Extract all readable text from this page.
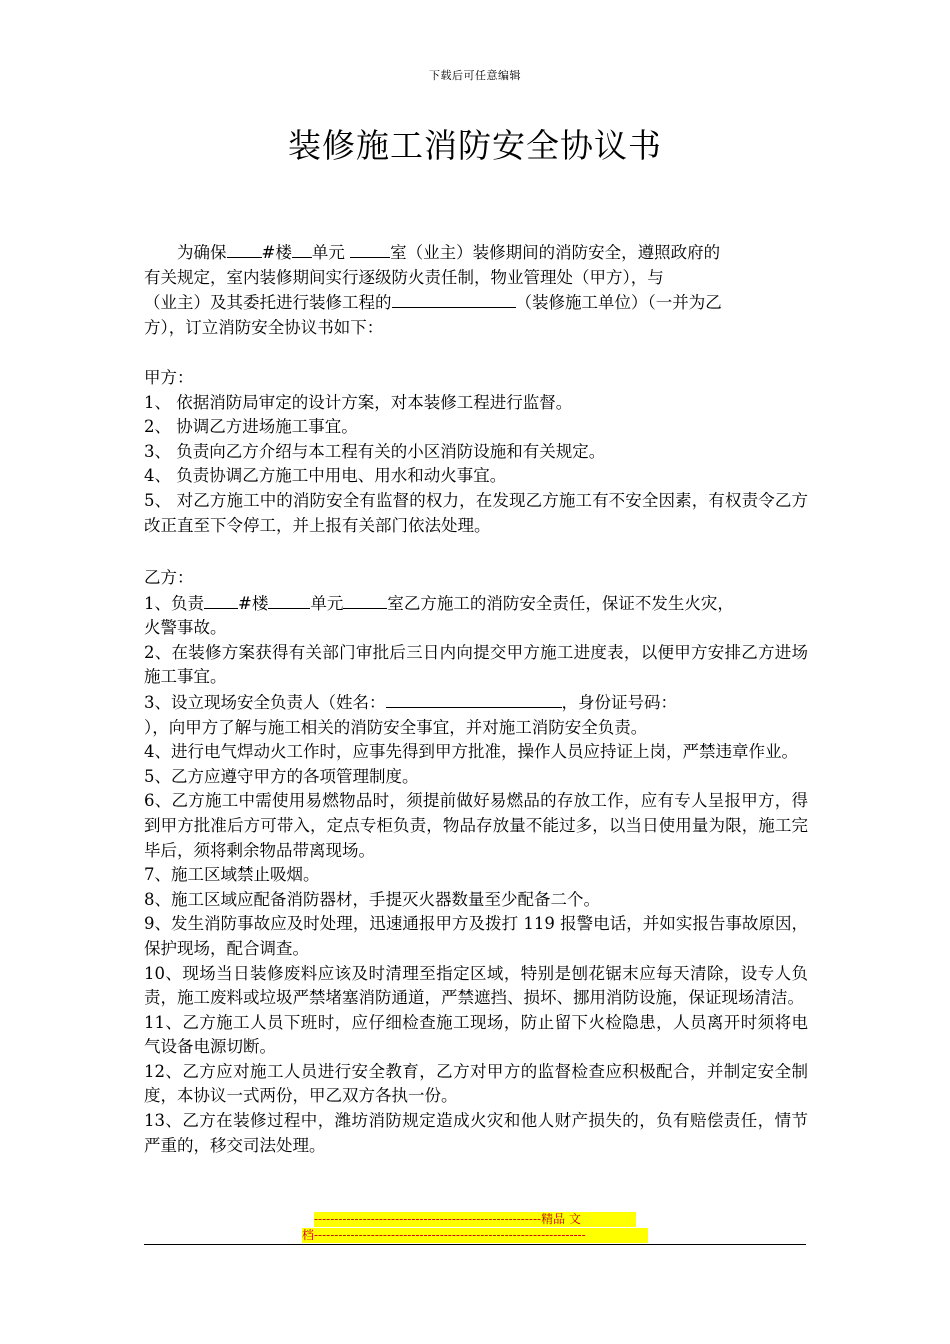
下载后可任意编辑
装修施工消防安全协议书

为确保 #楼 单元	室（业主）装修期间的消防安全，遵照政府的

有关规定，室内装修期间实行逐级防火责任制，物业管理处（甲方），与

（业主）及其委托进行装修工程的	（装修施工单位）（一并为乙

方），订立消防安全协议书如下：

甲方：

1、 依据消防局审定的设计方案，对本装修工程进行监督。

2、 协调乙方进场施工事宜。

3、 负责向乙方介绍与本工程有关的小区消防设施和有关规定。

4、 负责协调乙方施工中用电、用水和动火事宜。

5、 对乙方施工中的消防安全有监督的权力，在发现乙方施工有不安全因素，有权责令乙方改正直至下令停工，并上报有关部门依法处理。

乙方：

1、负责 #楼	单元	室乙方施工的消防安全责任，保证不发生火灾，
火警事故。

2、在装修方案获得有关部门审批后三日内向提交甲方施工进度表，以便甲方安排乙方进场施工事宜。

3、设立现场安全负责人（姓名：	，身份证号码：
），向甲方了解与施工相关的消防安全事宜，并对施工消防安全负责。

4、进行电气焊动火工作时，应事先得到甲方批准，操作人员应持证上岗，严禁违章作业。

5、乙方应遵守甲方的各项管理制度。

6、乙方施工中需使用易燃物品时，须提前做好易燃品的存放工作，应有专人呈报甲方，得到甲方批准后方可带入，定点专柜负责，物品存放量不能过多，以当日使用量为限，施工完毕后，须将剩余物品带离现场。

7、施工区域禁止吸烟。

8、施工区域应配备消防器材，手提灭火器数量至少配备二个。

9、发生消防事故应及时处理，迅速通报甲方及拨打 119 报警电话，并如实报告事故原因，保护现场，配合调查。

10、现场当日装修废料应该及时清理至指定区域，特别是刨花锯末应每天清除，设专人负责，施工废料或垃圾严禁堵塞消防通道，严禁遮挡、损坏、挪用消防设施，保证现场清洁。

11、乙方施工人员下班时，应仔细检查施工现场，防止留下火检隐患，人员离开时须将电气设备电源切断。

12、乙方应对施工人员进行安全教育，乙方对甲方的监督检查应积极配合，并制定安全制度，本协议一式两份，甲乙双方各执一份。

13、乙方在装修过程中，潍坊消防规定造成火灾和他人财产损失的，负有赔偿责任，情节严重的，移交司法处理。

--------------------------------------------------------精品 文
档-------------------------------------------------------------------
